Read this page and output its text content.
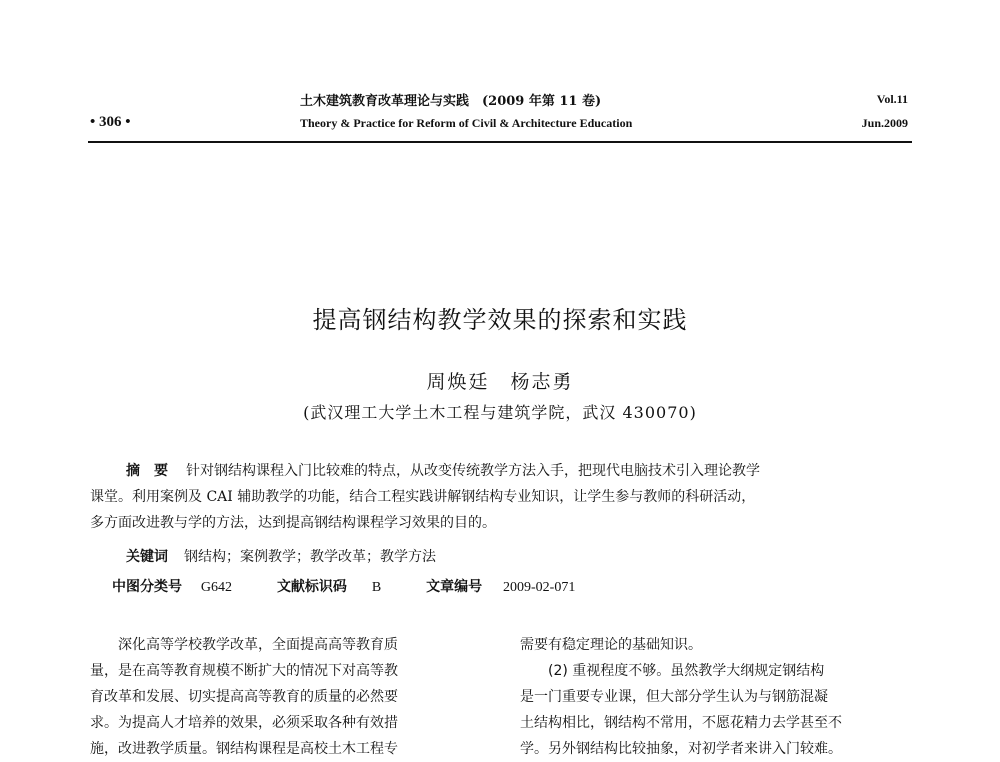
土木建筑教育改革理论与实践　(2009 年第 11 卷)
Theory & Practice for Reform of Civil & Architecture Education
• 306 •
Vol.11
Jun.2009
提高钢结构教学效果的探索和实践
周焕廷　杨志勇
(武汉理工大学土木工程与建筑学院，武汉 430070)
摘　要 针对钢结构课程入门比较难的特点，从改变传统教学方法入手，把现代电脑技术引入理论教学
课堂。利用案例及 CAI 辅助教学的功能，结合工程实践讲解钢结构专业知识，让学生参与教师的科研活动，
多方面改进教与学的方法，达到提高钢结构课程学习效果的目的。
关键词 钢结构；案例教学；教学改革；教学方法
中图分类号 G642	文献标识码 B	文章编号 2009-02-071
　　深化高等学校教学改革，全面提高高等教育质
量，是在高等教育规模不断扩大的情况下对高等教
育改革和发展、切实提高高等教育的质量的必然要
求。为提高人才培养的效果，必须采取各种有效措
施，改进教学质量。钢结构课程是高校土木工程专
需要有稳定理论的基础知识。
　　(2) 重视程度不够。虽然教学大纲规定钢结构
是一门重要专业课，但大部分学生认为与钢筋混凝
土结构相比，钢结构不常用，不愿花精力去学甚至不
学。另外钢结构比较抽象，对初学者来讲入门较难。
